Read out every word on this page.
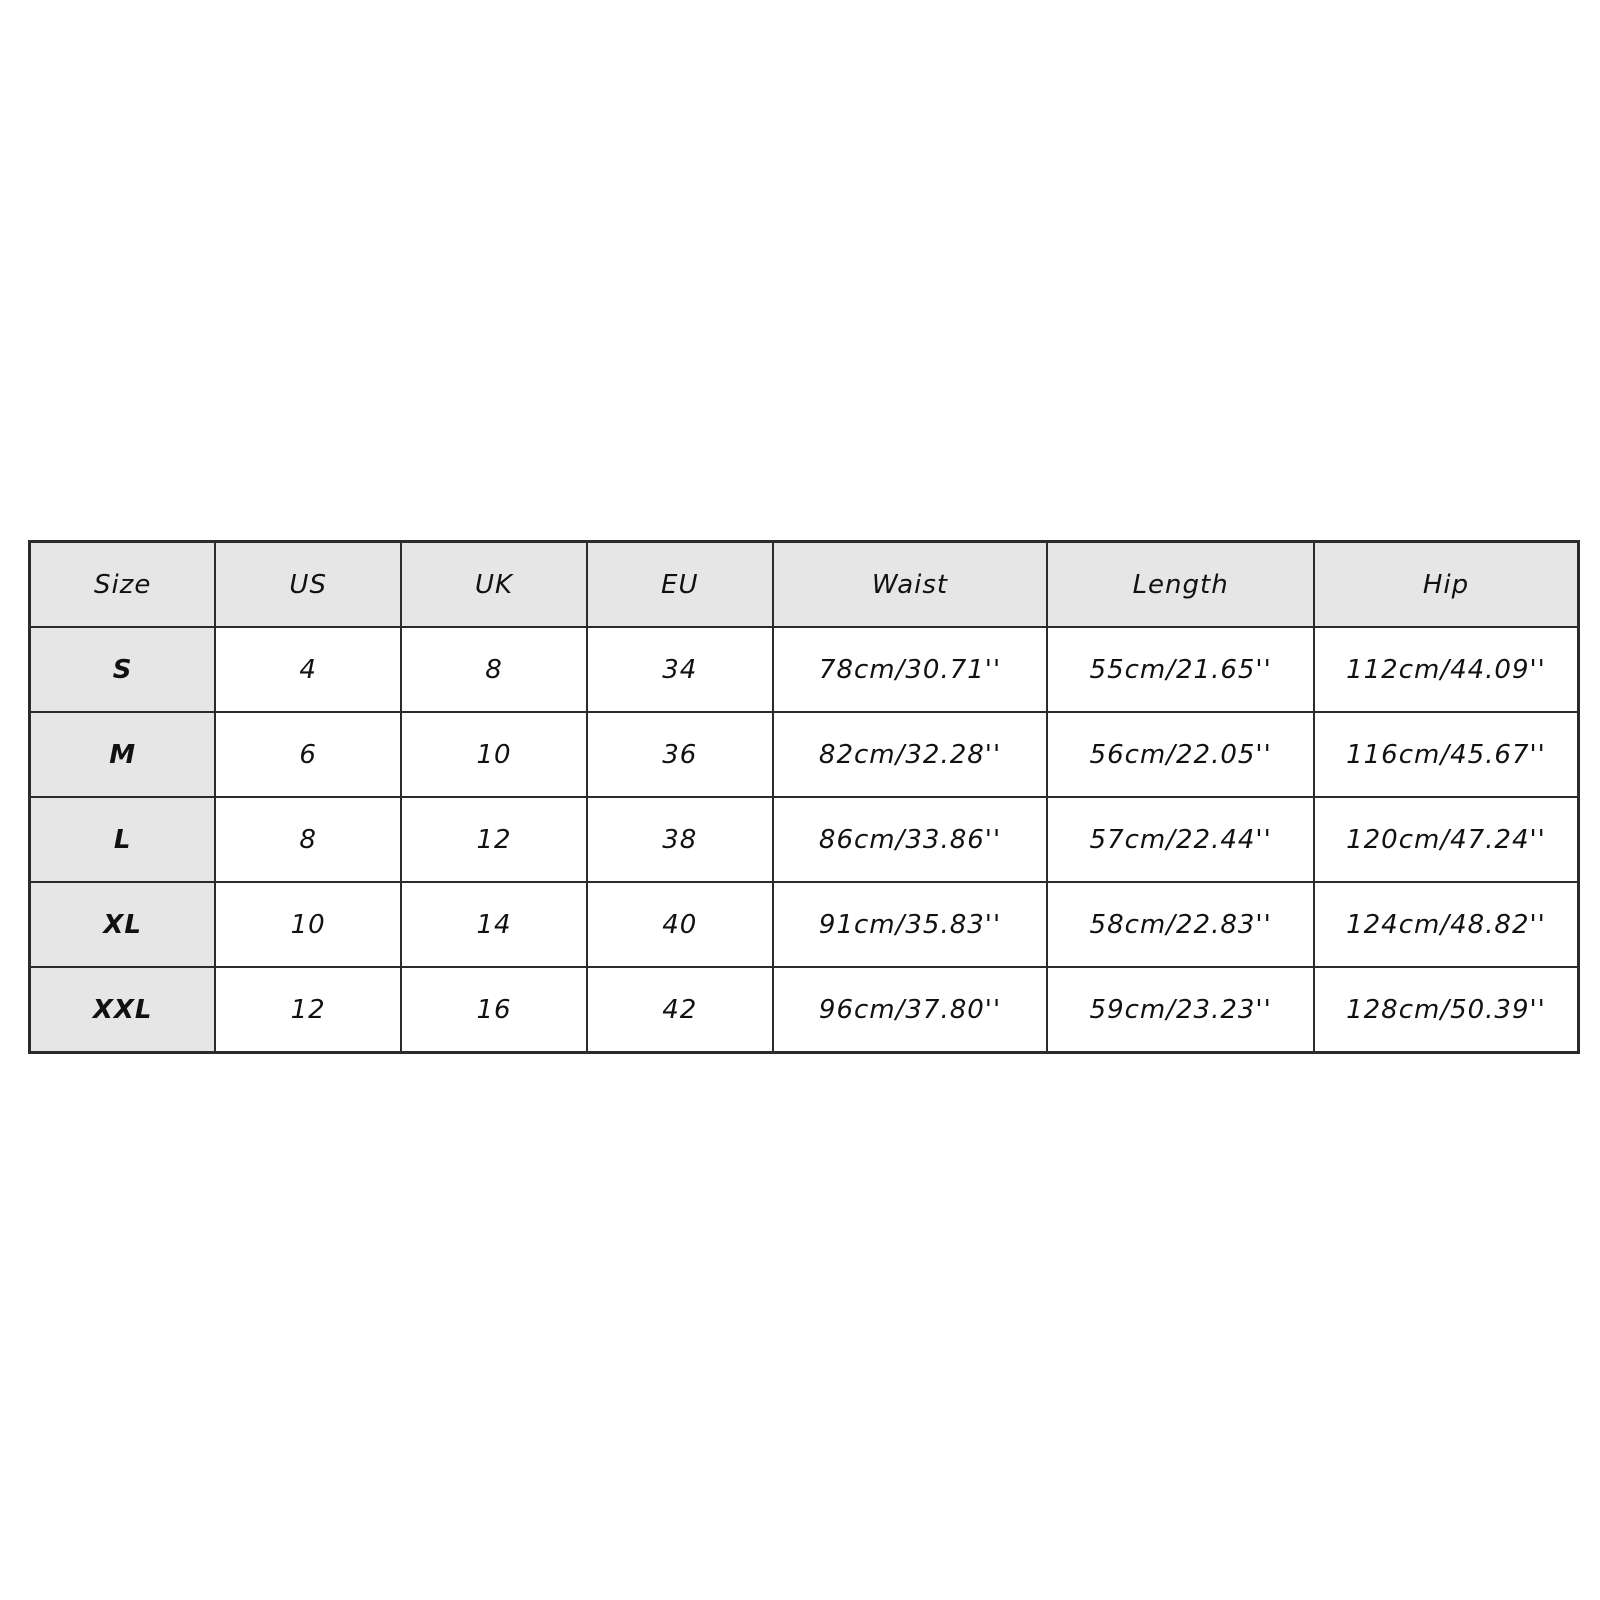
Size	US	UK	EU	Waist	Length	Hip
S	4	8	34	78cm/30.71''	55cm/21.65''	112cm/44.09''
M	6	10	36	82cm/32.28''	56cm/22.05''	116cm/45.67''
L	8	12	38	86cm/33.86''	57cm/22.44''	120cm/47.24''
XL	10	14	40	91cm/35.83''	58cm/22.83''	124cm/48.82''
XXL	12	16	42	96cm/37.80''	59cm/23.23''	128cm/50.39''
